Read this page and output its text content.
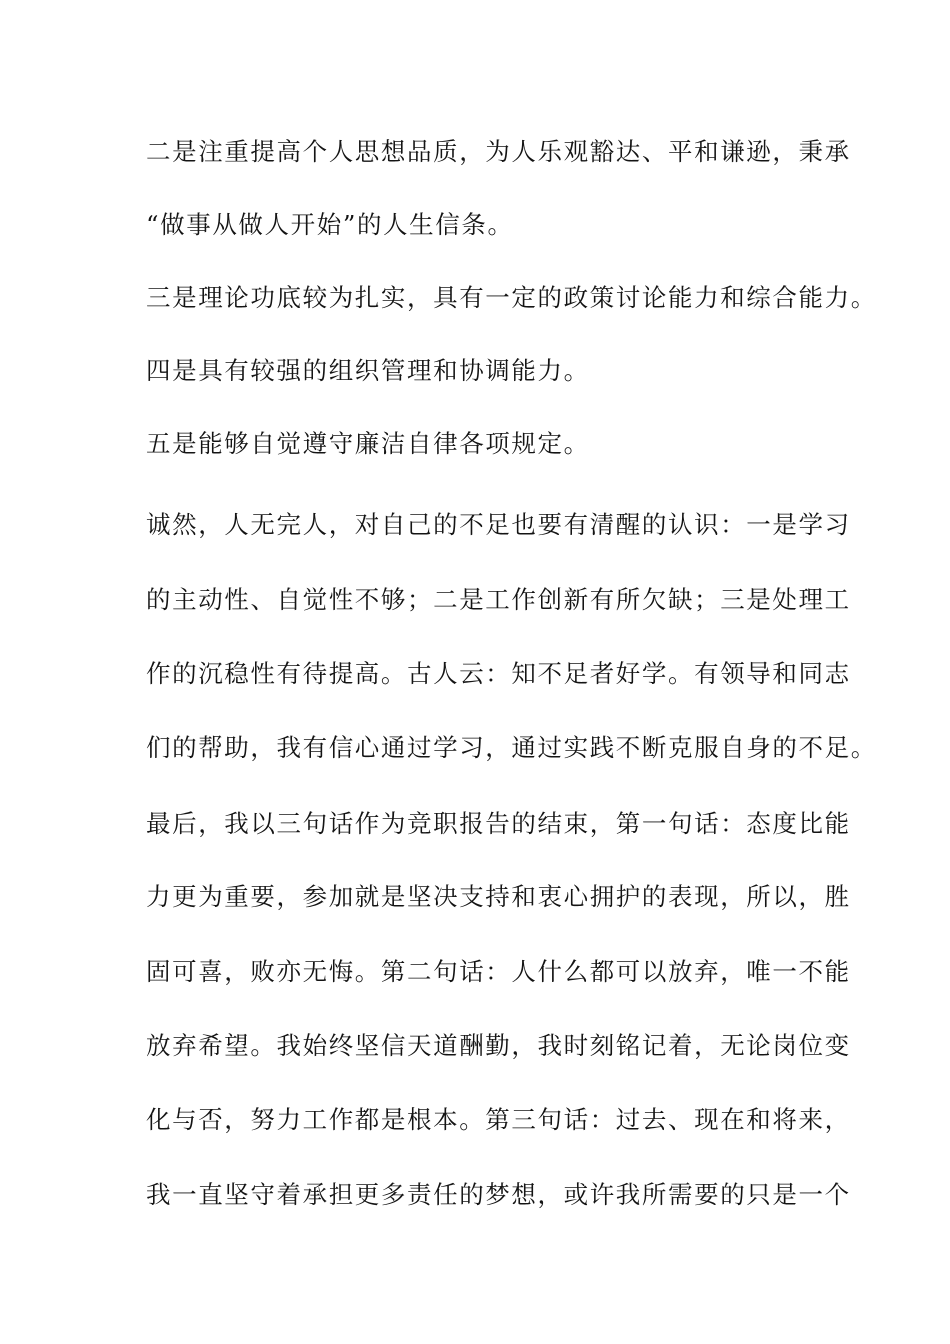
二是注重提高个人思想品质，为人乐观豁达、平和谦逊，秉承
“做事从做人开始”的人生信条。
三是理论功底较为扎实，具有一定的政策讨论能力和综合能力。
四是具有较强的组织管理和协调能力。
五是能够自觉遵守廉洁自律各项规定。
诚然，人无完人，对自己的不足也要有清醒的认识：一是学习
的主动性、自觉性不够；二是工作创新有所欠缺；三是处理工
作的沉稳性有待提高。古人云：知不足者好学。有领导和同志
们的帮助，我有信心通过学习，通过实践不断克服自身的不足。
最后，我以三句话作为竞职报告的结束，第一句话：态度比能
力更为重要，参加就是坚决支持和衷心拥护的表现，所以，胜
固可喜，败亦无悔。第二句话：人什么都可以放弃，唯一不能
放弃希望。我始终坚信天道酬勤，我时刻铭记着，无论岗位变
化与否，努力工作都是根本。第三句话：过去、现在和将来，
我一直坚守着承担更多责任的梦想，或许我所需要的只是一个
